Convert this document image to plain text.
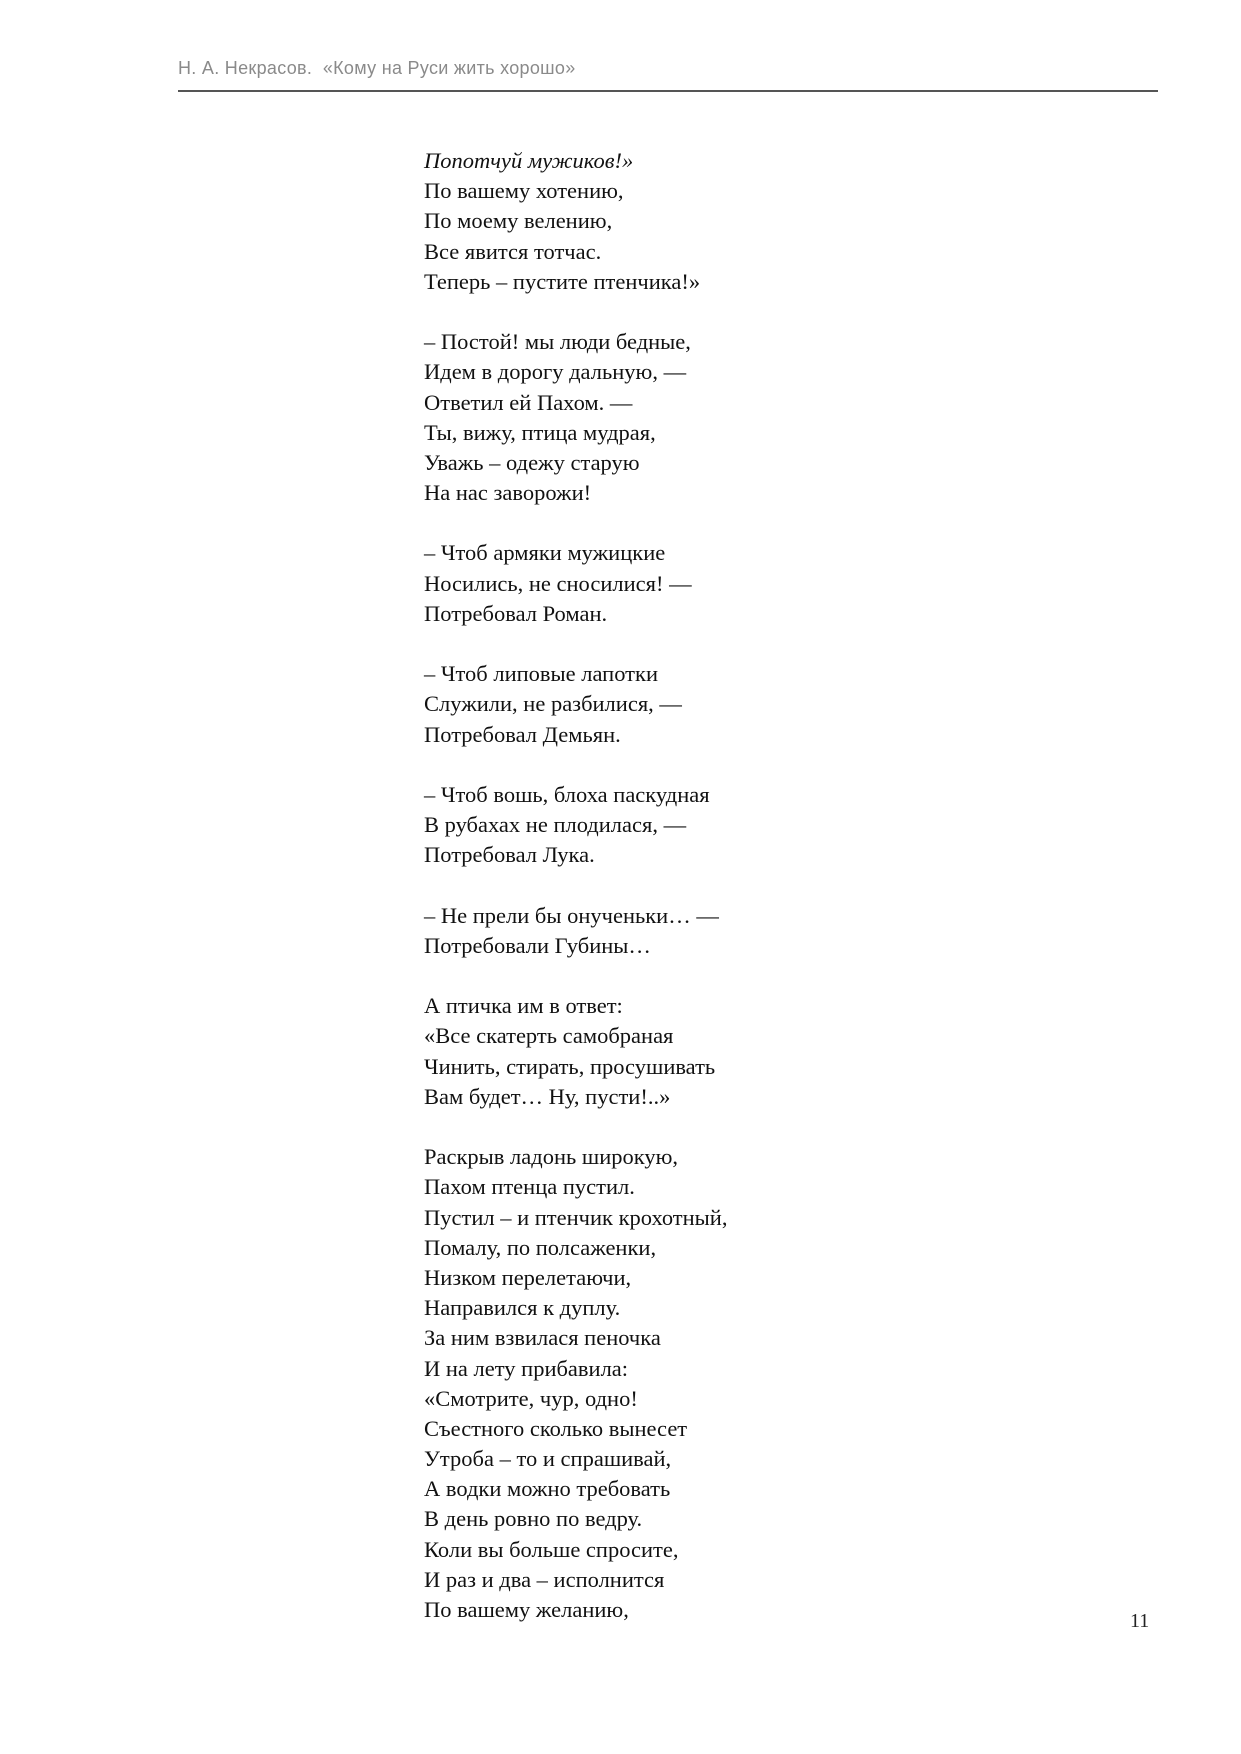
Н. А. Некрасов. «Кому на Руси жить хорошо»
Попотчуй мужиков!»
По вашему хотению,
По моему велению,
Все явится тотчас.
Теперь – пустите птенчика!»
– Постой! мы люди бедные,
Идем в дорогу дальную, —
Ответил ей Пахом. —
Ты, вижу, птица мудрая,
Уважь – одежу старую
На нас заворожи!
– Чтоб армяки мужицкие
Носились, не сносилися! —
Потребовал Роман.
– Чтоб липовые лапотки
Служили, не разбилися, —
Потребовал Демьян.
– Чтоб вошь, блоха паскудная
В рубахах не плодилася, —
Потребовал Лука.
– Не прели бы онученьки… —
Потребовали Губины…
А птичка им в ответ:
«Все скатерть самобраная
Чинить, стирать, просушивать
Вам будет… Ну, пусти!..»
Раскрыв ладонь широкую,
Пахом птенца пустил.
Пустил – и птенчик крохотный,
Помалу, по полсаженки,
Низком перелетаючи,
Направился к дуплу.
За ним взвилася пеночка
И на лету прибавила:
«Смотрите, чур, одно!
Съестного сколько вынесет
Утроба – то и спрашивай,
А водки можно требовать
В день ровно по ведру.
Коли вы больше спросите,
И раз и два – исполнится
По вашему желанию,	11
